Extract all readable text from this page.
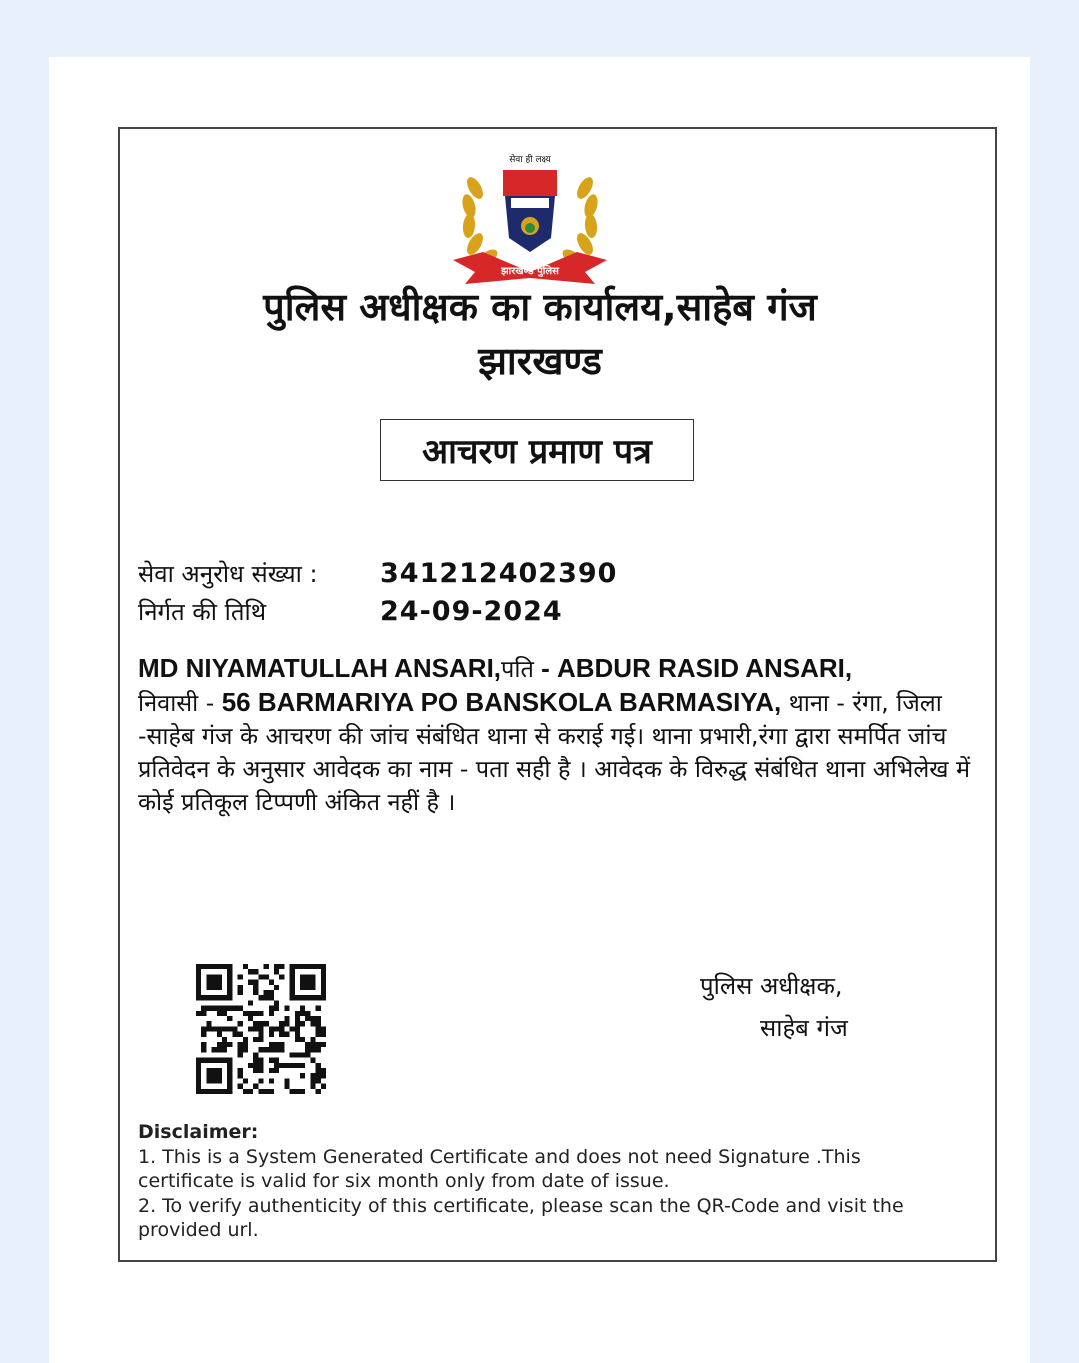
झारखण्ड पुलिस
सेवा ही लक्ष्य
पुलिस अधीक्षक का कार्यालय,साहेब गंज
झारखण्ड
आचरण प्रमाण पत्र
सेवा अनुरोध संख्या :	341212402390
निर्गत की तिथि	24-09-2024
MD NIYAMATULLAH ANSARI,पति - ABDUR RASID ANSARI,
निवासी - 56 BARMARIYA PO BANSKOLA BARMASIYA, थाना - रंगा, जिला -साहेब गंज के आचरण की जांच संबंधित थाना से कराई गई। थाना प्रभारी,रंगा द्वारा समर्पित जांच प्रतिवेदन के अनुसार आवेदक का नाम - पता सही है । आवेदक के विरुद्ध संबंधित थाना अभिलेख में कोई प्रतिकूल टिप्पणी अंकित नहीं है ।
पुलिस अधीक्षक,
साहेब गंज
Disclaimer:
1. This is a System Generated Certificate and does not need Signature .This certificate is valid for six month only from date of issue.
2. To verify authenticity of this certificate, please scan the QR-Code and visit the provided url.
